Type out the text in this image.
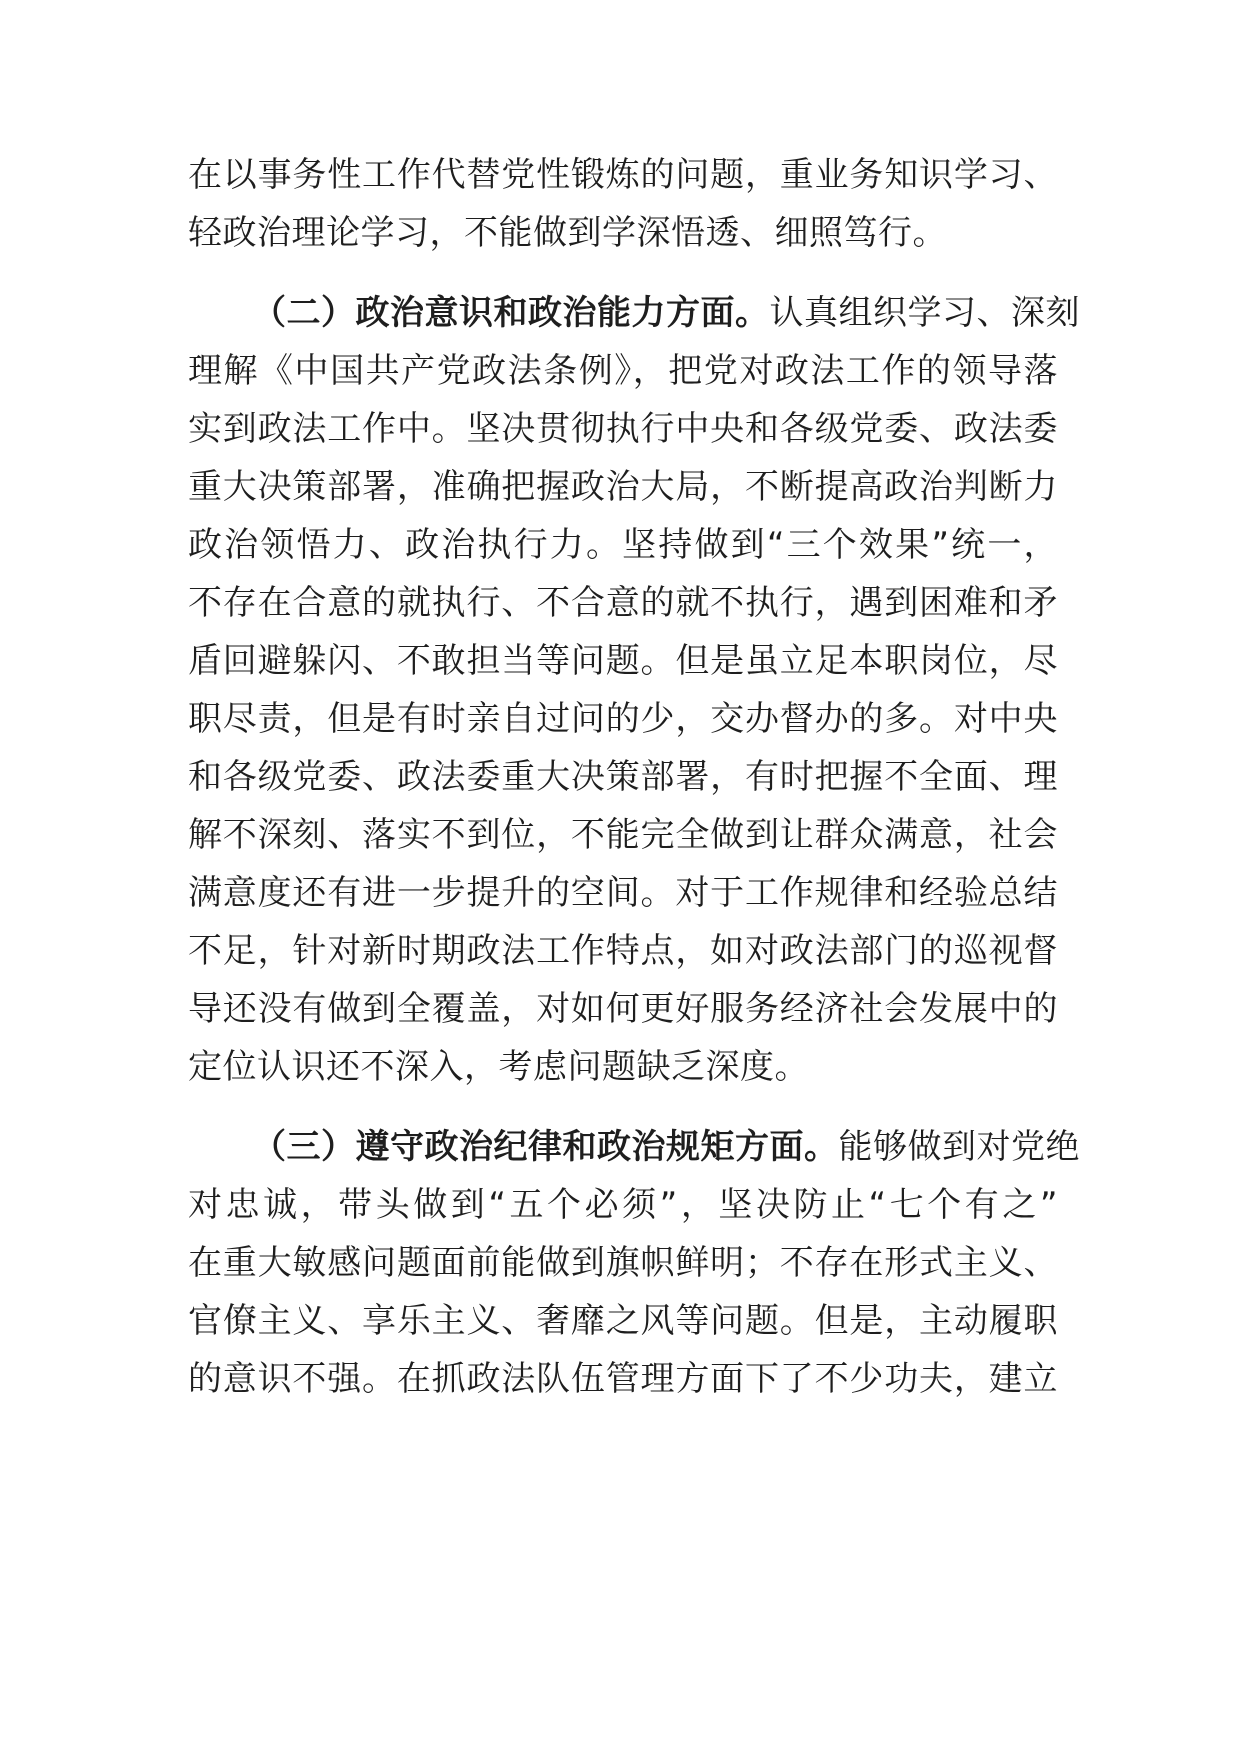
在以事务性工作代替党性锻炼的问题，重业务知识学习、
轻政治理论学习，不能做到学深悟透、细照笃行。
（二）政治意识和政治能力方面。认真组织学习、深刻
理解《中国共产党政法条例》，把党对政法工作的领导落
实到政法工作中。坚决贯彻执行中央和各级党委、政法委
重大决策部署，准确把握政治大局，不断提高政治判断力
政治领悟力、政治执行力。坚持做到“三个效果”统一，
不存在合意的就执行、不合意的就不执行，遇到困难和矛
盾回避躲闪、不敢担当等问题。但是虽立足本职岗位，尽
职尽责，但是有时亲自过问的少，交办督办的多。对中央
和各级党委、政法委重大决策部署，有时把握不全面、理
解不深刻、落实不到位，不能完全做到让群众满意，社会
满意度还有进一步提升的空间。对于工作规律和经验总结
不足，针对新时期政法工作特点，如对政法部门的巡视督
导还没有做到全覆盖，对如何更好服务经济社会发展中的
定位认识还不深入，考虑问题缺乏深度。
（三）遵守政治纪律和政治规矩方面。能够做到对党绝
对忠诚，带头做到“五个必须”，坚决防止“七个有之”
在重大敏感问题面前能做到旗帜鲜明；不存在形式主义、
官僚主义、享乐主义、奢靡之风等问题。但是，主动履职
的意识不强。在抓政法队伍管理方面下了不少功夫，建立
